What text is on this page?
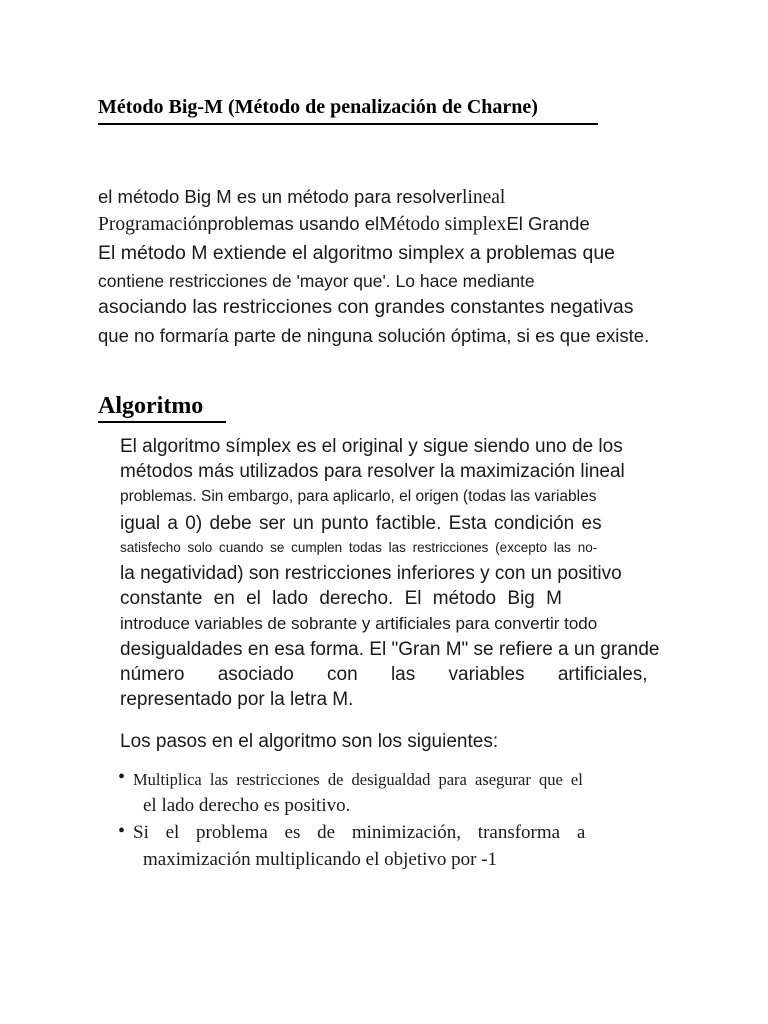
Método Big-M (Método de penalización de Charne)
el método Big M es un método para resolverlineal
Programaciónproblemas usando elMétodo simplexEl Grande
El método M extiende el algoritmo simplex a problemas que
contiene restricciones de 'mayor que'. Lo hace mediante
asociando las restricciones con grandes constantes negativas
que no formaría parte de ninguna solución óptima, si es que existe.
Algoritmo
El algoritmo símplex es el original y sigue siendo uno de los
métodos más utilizados para resolver la maximización lineal
problemas. Sin embargo, para aplicarlo, el origen (todas las variables
igual a 0) debe ser un punto factible. Esta condición es
satisfecho solo cuando se cumplen todas las restricciones (excepto las no-
la negatividad) son restricciones inferiores y con un positivo
constante en el lado derecho. El método Big M
introduce variables de sobrante y artificiales para convertir todo
desigualdades en esa forma. El "Gran M" se refiere a un grande
número asociado con las variables artificiales,
representado por la letra M.
Los pasos en el algoritmo son los siguientes:
• Multiplica las restricciones de desigualdad para asegurar que el
el lado derecho es positivo.
• Si el problema es de minimización, transforma a
maximización multiplicando el objetivo por -1
